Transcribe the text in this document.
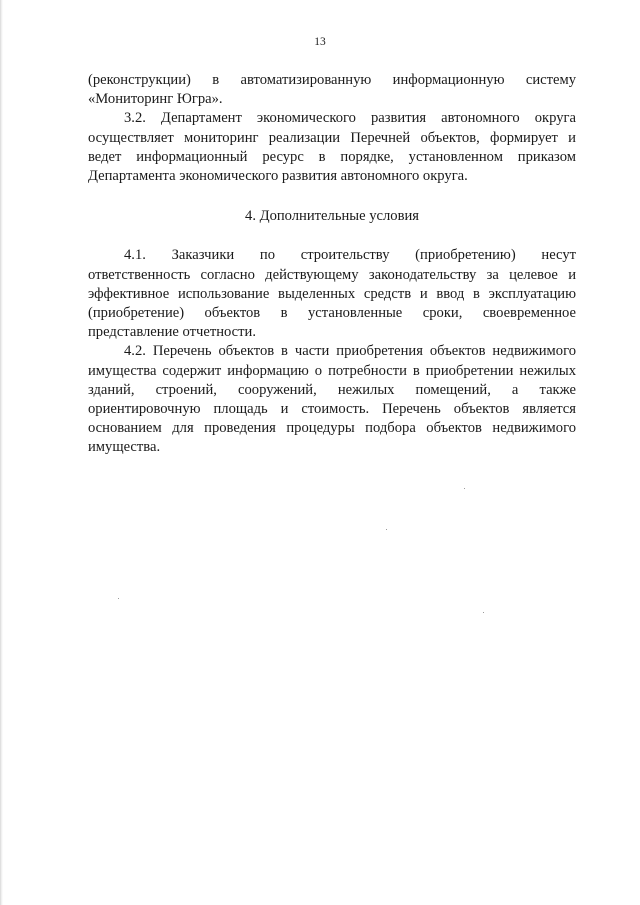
13
(реконструкции) в автоматизированную информационную систему
«Мониторинг Югра».
3.2. Департамент экономического развития автономного округа
осуществляет мониторинг реализации Перечней объектов, формирует и
ведет информационный ресурс в порядке, установленном приказом
Департамента экономического развития автономного округа.
4. Дополнительные условия
4.1. Заказчики по строительству (приобретению) несут
ответственность согласно действующему законодательству за целевое и
эффективное использование выделенных средств и ввод в эксплуатацию
(приобретение) объектов в установленные сроки, своевременное
представление отчетности.
4.2. Перечень объектов в части приобретения объектов недвижимого
имущества содержит информацию о потребности в приобретении нежилых
зданий, строений, сооружений, нежилых помещений, а также
ориентировочную площадь и стоимость. Перечень объектов является
основанием для проведения процедуры подбора объектов недвижимого
имущества.
